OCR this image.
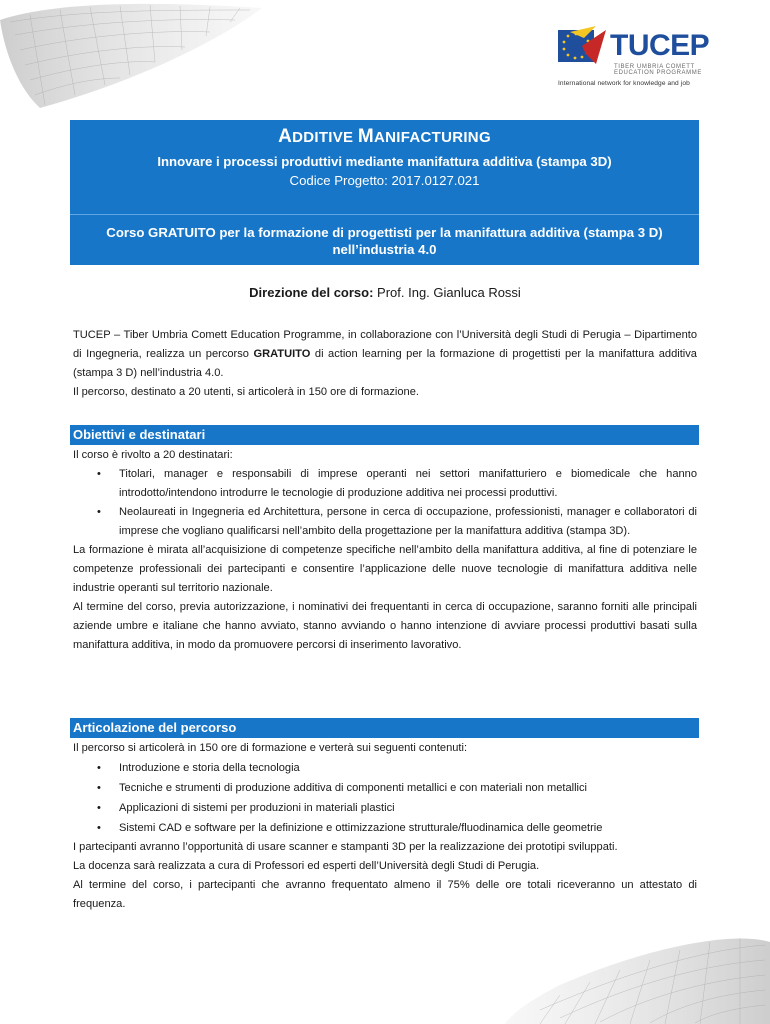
TUCEP
TIBER UMBRIA COMETT
EDUCATION PROGRAMME
International network for knowledge and job
ADDITIVE MANIFACTURING
Innovare i processi produttivi mediante manifattura additiva (stampa 3D)
Codice Progetto: 2017.0127.021
Corso GRATUITO per la formazione di progettisti per la manifattura additiva (stampa 3 D)
nell’industria 4.0
Direzione del corso: Prof. Ing. Gianluca Rossi

TUCEP – Tiber Umbria Comett Education Programme, in collaborazione con l’Università degli Studi di Perugia – Dipartimento di Ingegneria, realizza un percorso GRATUITO di action learning per la formazione di progettisti per la manifattura additiva (stampa 3 D) nell’industria 4.0.

Il percorso, destinato a 20 utenti, si articolerà in 150 ore di formazione.

Obiettivi e destinatari

Il corso è rivolto a 20 destinatari:

• Titolari, manager e responsabili di imprese operanti nei settori manifatturiero e biomedicale che hanno introdotto/intendono introdurre le tecnologie di produzione additiva nei processi produttivi.
• Neolaureati in Ingegneria ed Architettura, persone in cerca di occupazione, professionisti, manager e collaboratori di imprese che vogliano qualificarsi nell’ambito della progettazione per la manifattura additiva (stampa 3D).

La formazione è mirata all’acquisizione di competenze specifiche nell’ambito della manifattura additiva, al fine di potenziare le competenze professionali dei partecipanti e consentire l’applicazione delle nuove tecnologie di manifattura additiva nelle industrie operanti sul territorio nazionale.

Al termine del corso, previa autorizzazione, i nominativi dei frequentanti in cerca di occupazione, saranno forniti alle principali aziende umbre e italiane che hanno avviato, stanno avviando o hanno intenzione di avviare processi produttivi basati sulla manifattura additiva, in modo da promuovere percorsi di inserimento lavorativo.

Articolazione del percorso

Il percorso si articolerà in 150 ore di formazione e verterà sui seguenti contenuti:

• Introduzione e storia della tecnologia
• Tecniche e strumenti di produzione additiva di componenti metallici e con materiali non metallici
• Applicazioni di sistemi per produzioni in materiali plastici
• Sistemi CAD e software per la definizione e ottimizzazione strutturale/fluodinamica delle geometrie

I partecipanti avranno l’opportunità di usare scanner e stampanti 3D per la realizzazione dei prototipi sviluppati.

La docenza sarà realizzata a cura di Professori ed esperti dell’Università degli Studi di Perugia.

Al termine del corso, i partecipanti che avranno frequentato almeno il 75% delle ore totali riceveranno un attestato di frequenza.
